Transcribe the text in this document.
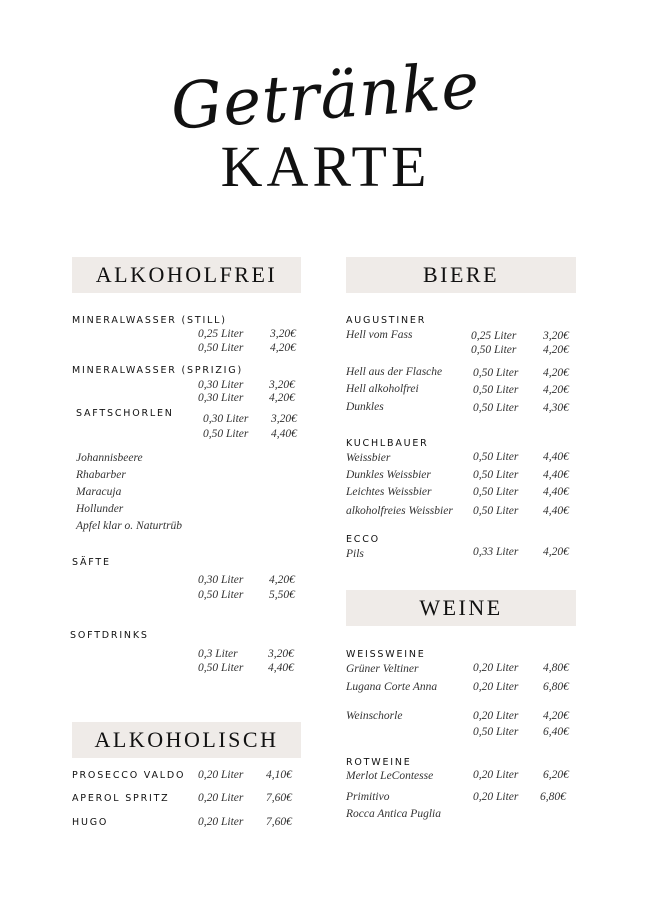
Getränke
KARTE
ALKOHOLFREI	BIERE
WEINE
ALKOHOLISCH
MINERALWASSER (STILL)
0,25 Liter 3,20€
0,50 Liter 4,20€
MINERALWASSER (SPRIZIG)
0,30 Liter 3,20€
0,30 Liter 4,20€
SAFTSCHORLEN	0,30 Liter 3,20€
0,50 Liter 4,40€
Johannisbeere
Rhabarber
Maracuja
Hollunder
Apfel klar o. Naturtrüb
SÄFTE
0,30 Liter 4,20€
0,50 Liter 5,50€
SOFTDRINKS
0,3 Liter	3,20€
0,50 Liter 4,40€
PROSECCO VALDO 0,20 Liter 4,10€
APEROL SPRITZ 0,20 Liter 7,60€
HUGO	0,20 Liter 7,60€
AUGUSTINER
Hell vom Fass	0,25 Liter 3,20€
0,50 Liter 4,20€
Hell aus der Flasche	0,50 Liter 4,20€
Hell alkoholfrei	0,50 Liter 4,20€
Dunkles	0,50 Liter 4,30€
KUCHLBAUER
Weissbier	0,50 Liter 4,40€
Dunkles Weissbier	0,50 Liter 4,40€
Leichtes Weissbier	0,50 Liter 4,40€
alkoholfreies Weissbier 0,50 Liter 4,40€
ECCO
Pils	0,33 Liter 4,20€
WEISSWEINE
Grüner Veltiner	0,20 Liter 4,80€
Lugana Corte Anna	0,20 Liter 6,80€
Weinschorle	0,20 Liter 4,20€
0,50 Liter 6,40€
ROTWEINE
Merlot LeContesse	0,20 Liter 6,20€
Primitivo	0,20 Liter 6,80€
Rocca Antica Puglia
